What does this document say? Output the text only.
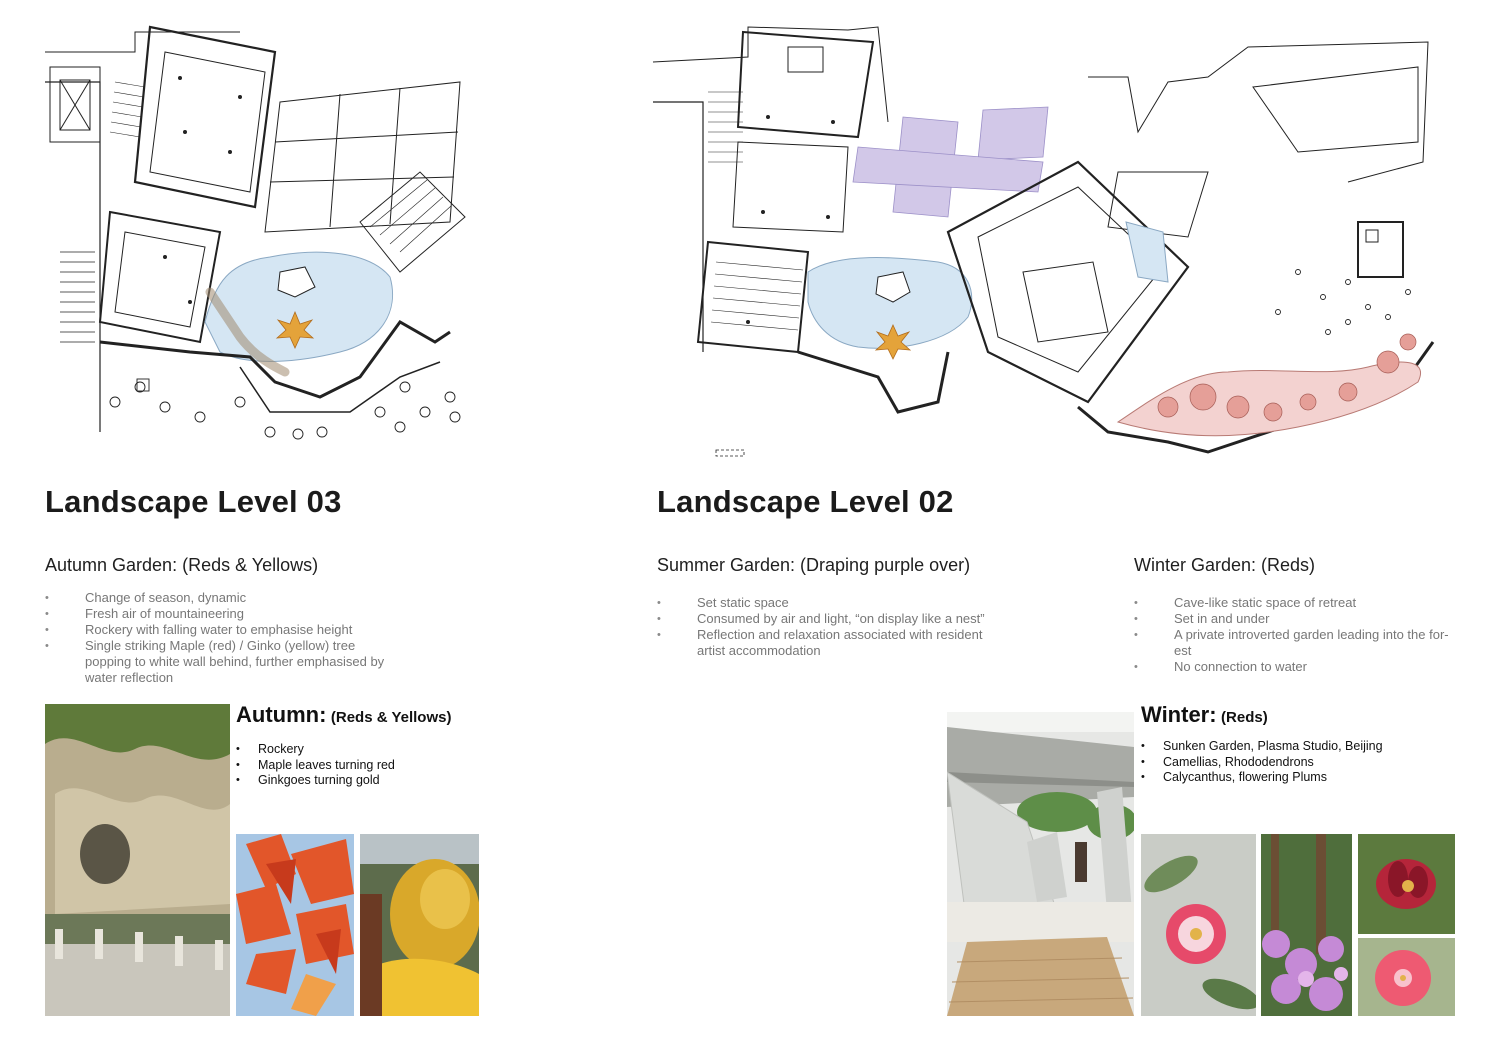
Landscape Level 03
Autumn Garden: (Reds & Yellows)
• Change of season, dynamic
• Fresh air of mountaineering
• Rockery with falling water to emphasise height
• Single striking Maple (red) / Ginko (yellow) tree popping to white wall behind, further emphasised by water reflection
Autumn: (Reds & Yellows)
• Rockery
• Maple leaves turning red
• Ginkgoes turning gold
Landscape Level 02
Summer Garden: (Draping purple over)
• Set static space
• Consumed by air and light, “on display like a nest”
• Reflection and relaxation associated with resident artist accommodation
Winter Garden: (Reds)
• Cave-like static space of retreat
• Set in and under
• A private introverted garden leading into the for-est
• No connection to water
Winter: (Reds)
• Sunken Garden, Plasma Studio, Beijing
• Camellias, Rhododendrons
• Calycanthus, flowering Plums
